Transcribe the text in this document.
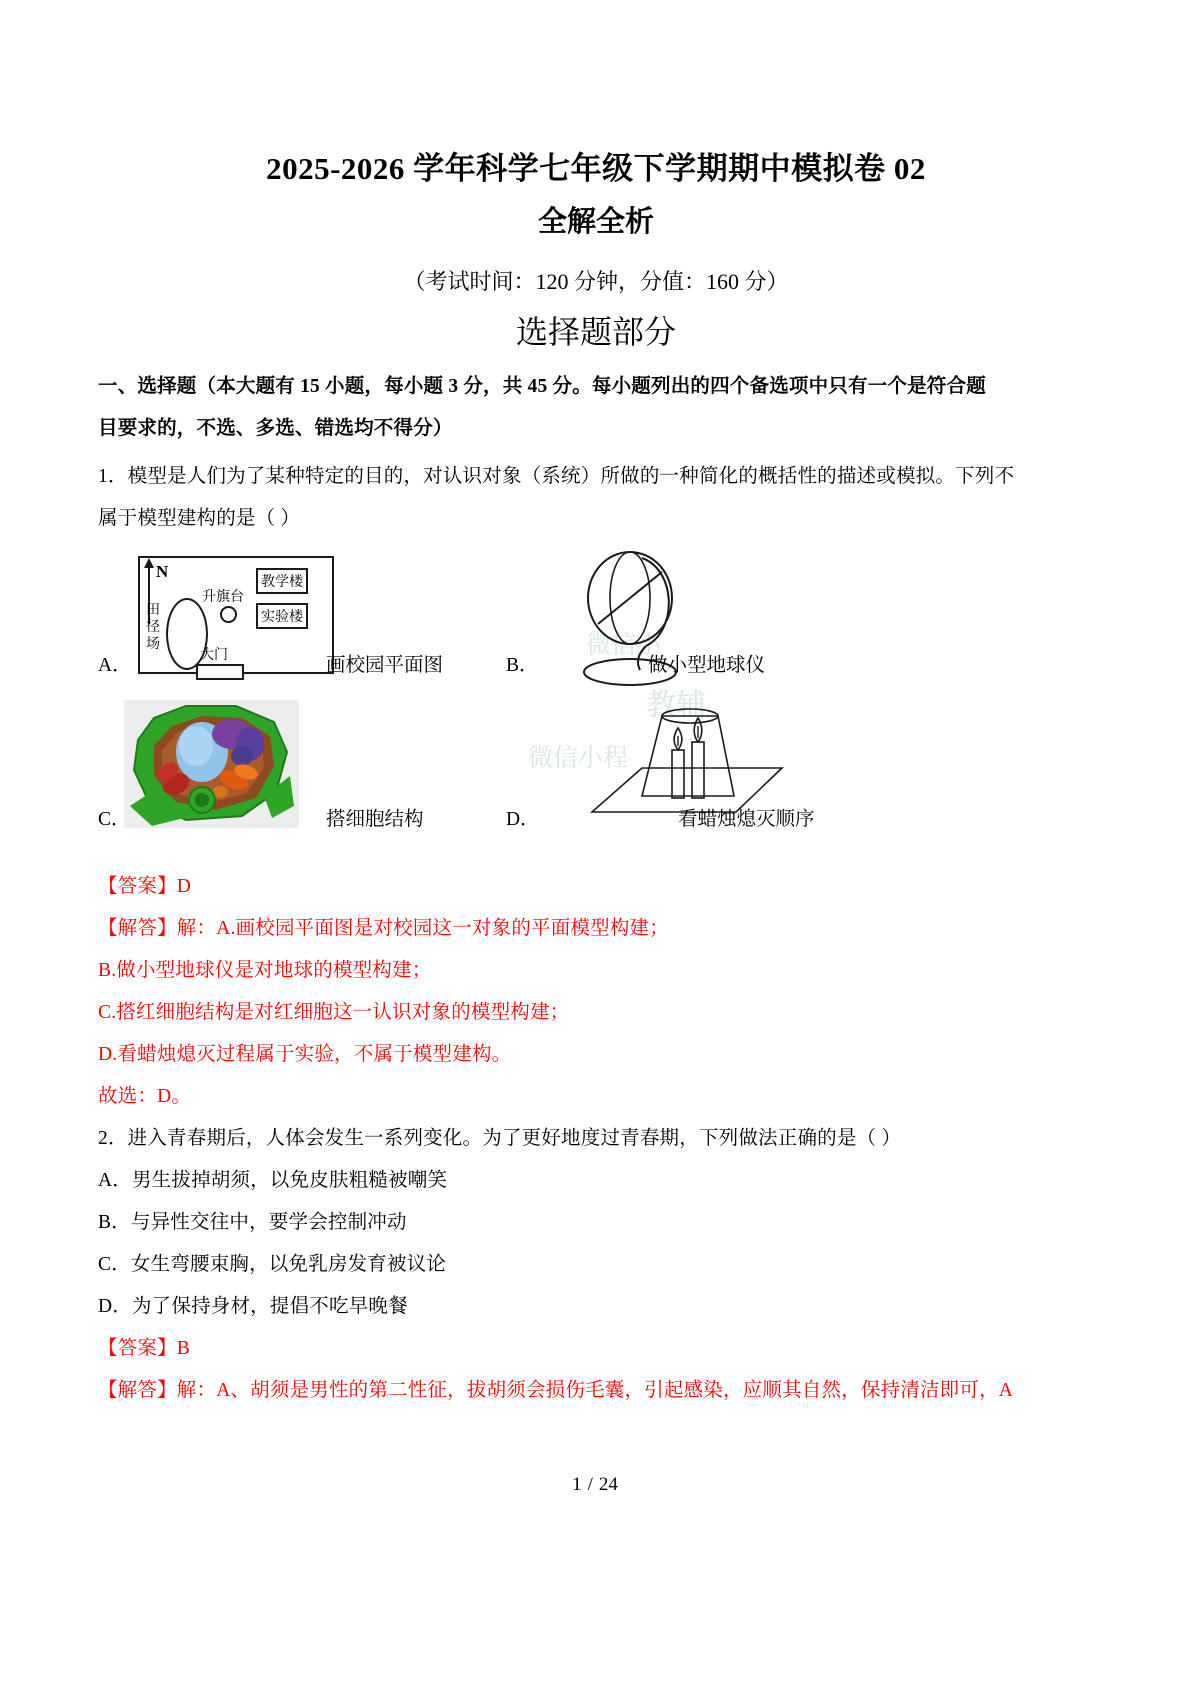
微信小
教辅
微信小程
2025-2026 学年科学七年级下学期期中模拟卷 02
全解全析
（考试时间：120 分钟，分值：160 分）
选择题部分
一、选择题（本大题有 15 小题，每小题 3 分，共 45 分。每小题列出的四个备选项中只有一个是符合题
目要求的，不选、多选、错选均不得分）
1．模型是人们为了某种特定的目的，对认识对象（系统）所做的一种简化的概括性的描述或模拟。下列不
属于模型建构的是（ ）
N
田径场
升旗台
教学楼
实验楼
大门
A．	画校园平面图	B．	做小型地球仪
C．	搭细胞结构	D．	看蜡烛熄灭顺序
【答案】D
【解答】解：A.画校园平面图是对校园这一对象的平面模型构建；
B.做小型地球仪是对地球的模型构建；
C.搭红细胞结构是对红细胞这一认识对象的模型构建；
D.看蜡烛熄灭过程属于实验，不属于模型建构。
故选：D。
2．进入青春期后，人体会发生一系列变化。为了更好地度过青春期，下列做法正确的是（ ）
A．男生拔掉胡须，以免皮肤粗糙被嘲笑
B．与异性交往中，要学会控制冲动
C．女生弯腰束胸，以免乳房发育被议论
D．为了保持身材，提倡不吃早晚餐
【答案】B
【解答】解：A、胡须是男性的第二性征，拔胡须会损伤毛囊，引起感染，应顺其自然，保持清洁即可，A
1 / 24
